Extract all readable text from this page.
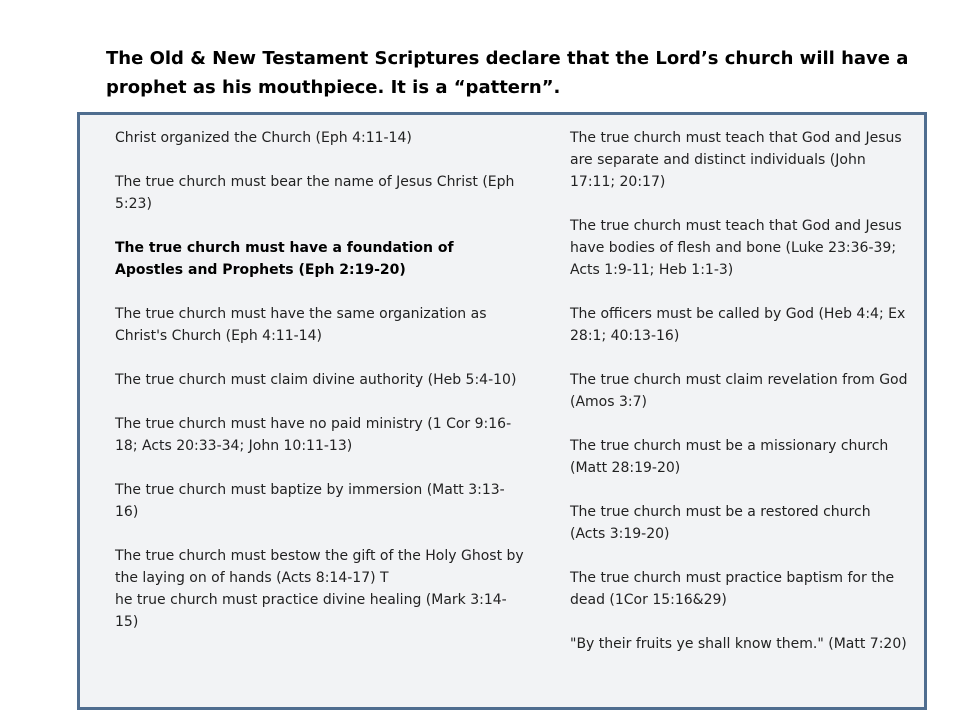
The Old & New Testament Scriptures declare that the Lord’s church will have a prophet as his mouthpiece. It is a “pattern”.

Christ organized the Church (Eph 4:11-14)

The true church must bear the name of Jesus Christ (Eph 5:23)

The true church must have a foundation of Apostles and Prophets (Eph 2:19-20)

The true church must have the same organization as Christ's Church (Eph 4:11-14)

The true church must claim divine authority (Heb 5:4-10)

The true church must have no paid ministry (1 Cor 9:16-18; Acts 20:33-34; John 10:11-13)

The true church must baptize by immersion (Matt 3:13-16)

The true church must bestow the gift of the Holy Ghost by the laying on of hands (Acts 8:14-17) T

he true church must practice divine healing (Mark 3:14-15)

The true church must teach that God and Jesus are separate and distinct individuals (John 17:11; 20:17)

The true church must teach that God and Jesus have bodies of flesh and bone (Luke 23:36-39; Acts 1:9-11; Heb 1:1-3)

The officers must be called by God (Heb 4:4; Ex 28:1; 40:13-16)

The true church must claim revelation from God (Amos 3:7)

The true church must be a missionary church (Matt 28:19-20)

The true church must be a restored church (Acts 3:19-20)

The true church must practice baptism for the dead (1Cor 15:16&29)

"By their fruits ye shall know them." (Matt 7:20)
